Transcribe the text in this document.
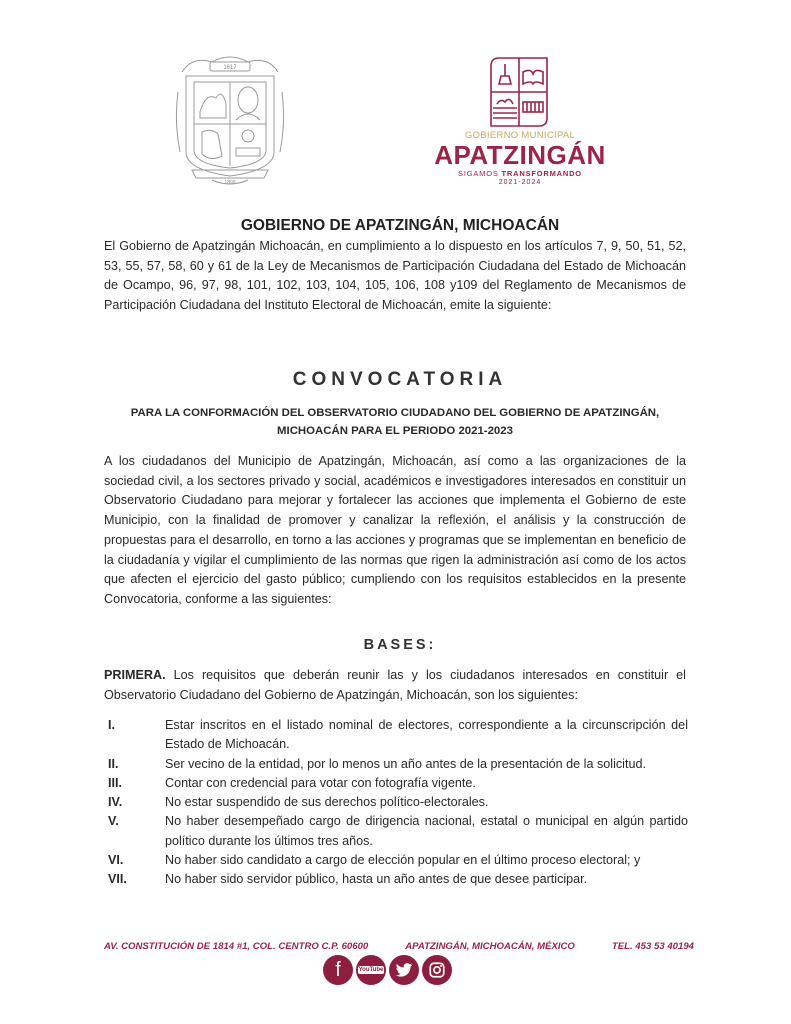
1617
1899
GOBIERNO MUNICIPAL
APATZINGÁN
SIGAMOS TRANSFORMANDO
2021-2024
GOBIERNO DE APATZINGÁN, MICHOACÁN
El Gobierno de Apatzingán Michoacán, en cumplimiento a lo dispuesto en los artículos 7, 9, 50, 51, 52, 53, 55, 57, 58, 60 y 61 de la Ley de Mecanismos de Participación Ciudadana del Estado de Michoacán de Ocampo, 96, 97, 98, 101, 102, 103, 104, 105, 106, 108 y109 del Reglamento de Mecanismos de Participación Ciudadana del Instituto Electoral de Michoacán, emite la siguiente:
CONVOCATORIA
PARA LA CONFORMACIÓN DEL OBSERVATORIO CIUDADANO DEL GOBIERNO DE APATZINGÁN, MICHOACÁN PARA EL PERIODO 2021-2023
A los ciudadanos del Municipio de Apatzingán, Michoacán, así como a las organizaciones de la sociedad civil, a los sectores privado y social, académicos e investigadores interesados en constituir un Observatorio Ciudadano para mejorar y fortalecer las acciones que implementa el Gobierno de este Municipio, con la finalidad de promover y canalizar la reflexión, el análisis y la construcción de propuestas para el desarrollo, en torno a las acciones y programas que se implementan en beneficio de la ciudadanía y vigilar el cumplimiento de las normas que rigen la administración así como de los actos que afecten el ejercicio del gasto público; cumpliendo con los requisitos establecidos en la presente Convocatoria, conforme a las siguientes:
BASES:
PRIMERA. Los requisitos que deberán reunir las y los ciudadanos interesados en constituir el Observatorio Ciudadano del Gobierno de Apatzingán, Michoacán, son los siguientes:
I.	Estar inscritos en el listado nominal de electores, correspondiente a la circunscripción del Estado de Michoacán.
II.	Ser vecino de la entidad, por lo menos un año antes de la presentación de la solicitud.
III.	Contar con credencial para votar con fotografía vigente.
IV.	No estar suspendido de sus derechos político-electorales.
V.	No haber desempeñado cargo de dirigencia nacional, estatal o municipal en algún partido político durante los últimos tres años.
VI.	No haber sido candidato a cargo de elección popular en el último proceso electoral; y
VII.	No haber sido servidor público, hasta un año antes de que desee participar.
AV. CONSTITUCIÓN DE 1814 #1, COL. CENTRO C.P. 60600	APATZINGÁN, MICHOACÁN, MÉXICO	TEL. 453 53 40194
f	YouTube
